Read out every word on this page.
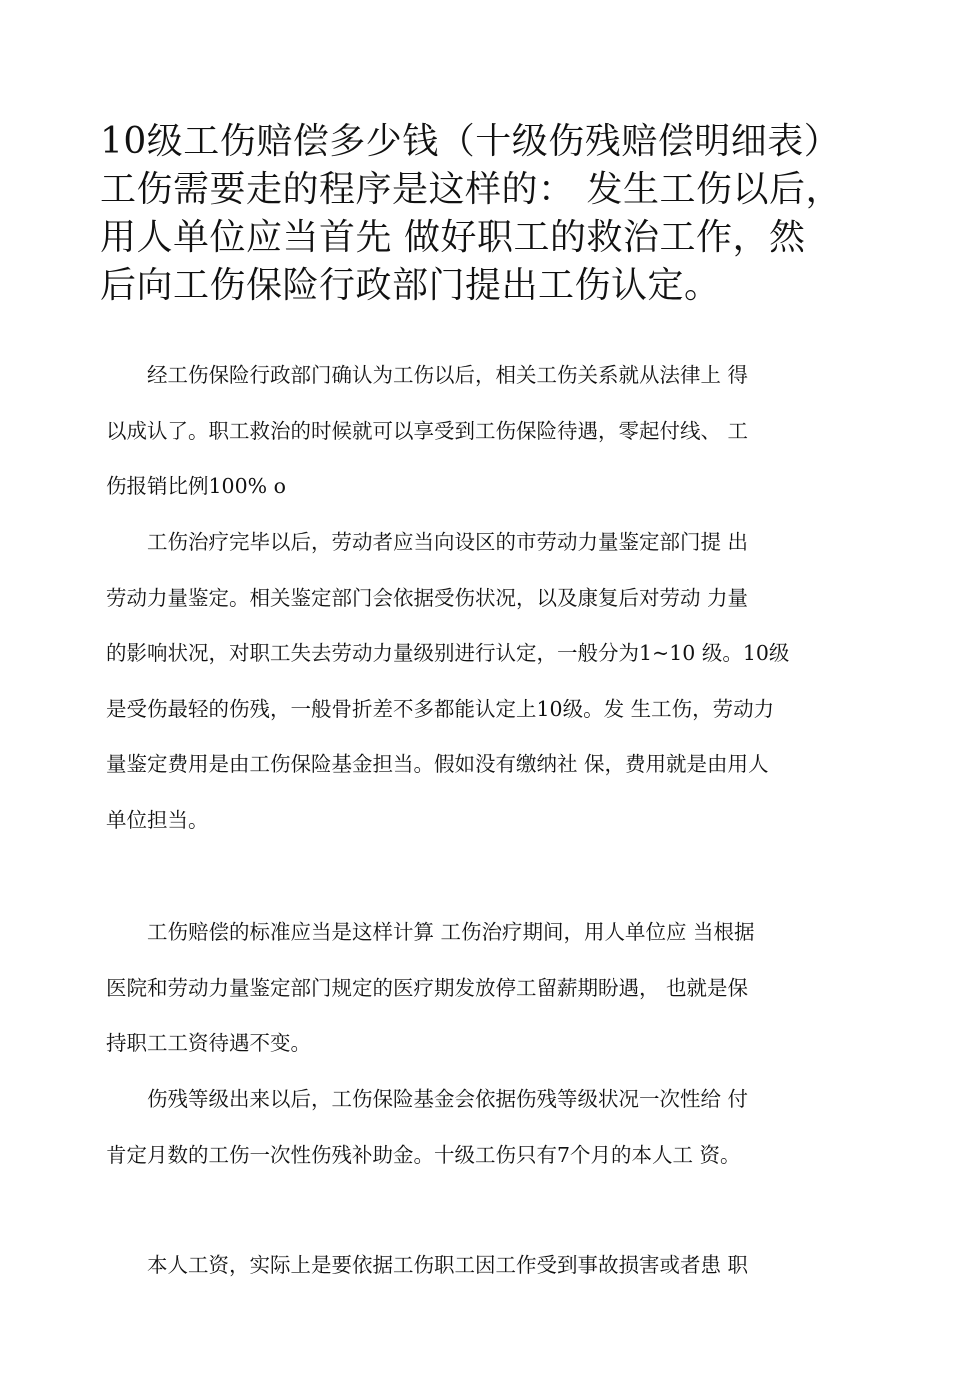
10级工伤赔偿多少钱（十级伤残赔偿明细表）
工伤需要走的程序是这样的： 发生工伤以后，
用人单位应当首先 做好职工的救治工作，然
后向工伤保险行政部门提出工伤认定。

　　经工伤保险行政部门确认为工伤以后，相关工伤关系就从法律上 得
以成认了。职工救治的时候就可以享受到工伤保险待遇，零起付线、 工
伤报销比例100% o

　　工伤治疗完毕以后，劳动者应当向设区的市劳动力量鉴定部门提 出
劳动力量鉴定。相关鉴定部门会依据受伤状况，以及康复后对劳动 力量
的影响状况，对职工失去劳动力量级别进行认定，一般分为1~10 级。10级
是受伤最轻的伤残，一般骨折差不多都能认定上10级。发 生工伤，劳动力
量鉴定费用是由工伤保险基金担当。假如没有缴纳社 保，费用就是由用人
单位担当。

　　工伤赔偿的标准应当是这样计算 工伤治疗期间，用人单位应 当根据
医院和劳动力量鉴定部门规定的医疗期发放停工留薪期盼遇， 也就是保
持职工工资待遇不变。

　　伤残等级出来以后，工伤保险基金会依据伤残等级状况一次性给 付
肯定月数的工伤一次性伤残补助金。十级工伤只有7个月的本人工 资。

　　本人工资，实际上是要依据工伤职工因工作受到事故损害或者患 职
